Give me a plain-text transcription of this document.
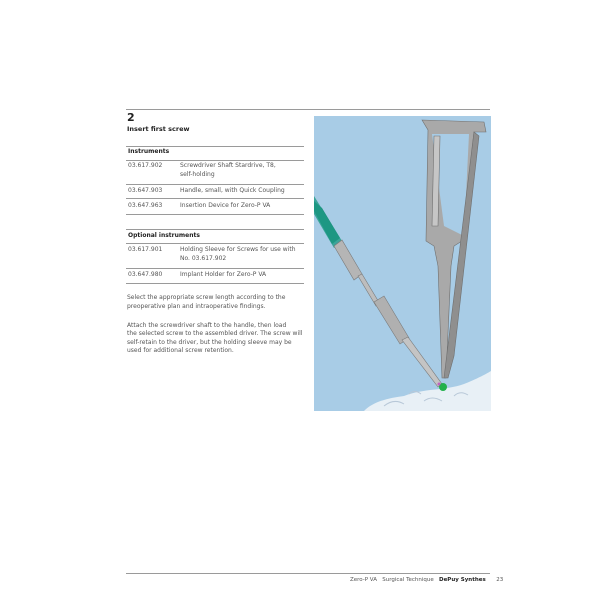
2
Insert first screw
Instruments
03.617.902	Screwdriver Shaft Stardrive, T8,
self-holding
03.647.903	Handle, small, with Quick Coupling
03.647.963	Insertion Device for Zero-P VA
Optional instruments
03.617.901	Holding Sleeve for Screws for use with
No. 03.617.902
03.647.980	Implant Holder for Zero-P VA
Select the appropriate screw length according to the
preoperative plan and intraoperative findings.
Attach the screwdriver shaft to the handle, then load
the selected screw to the assembled driver. The screw will
self-retain to the driver, but the holding sleeve may be
used for additional screw retention.
Zero-P VA Surgical Technique DePuy Synthes 23
